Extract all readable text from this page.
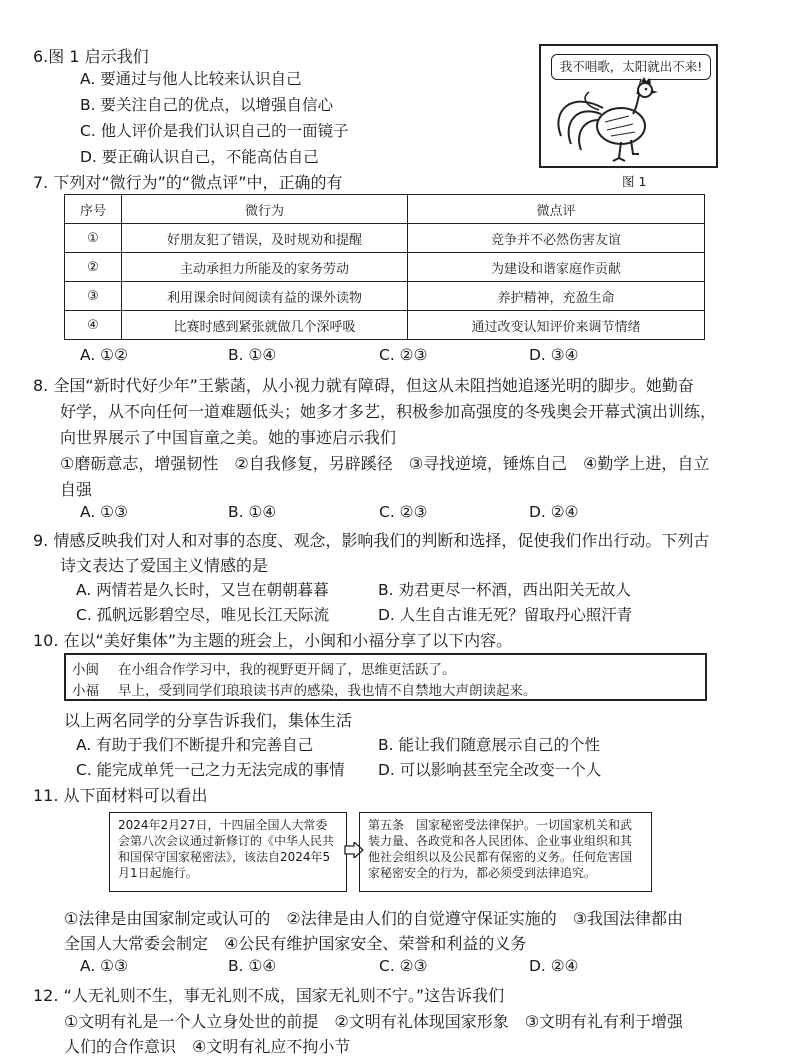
6.图 1 启示我们
A. 要通过与他人比较来认识自己
B. 要关注自己的优点，以增强自信心
C. 他人评价是我们认识自己的一面镜子
D. 要正确认识自己，不能高估自己
我不唱歌，太阳就出不来!
图 1
7. 下列对“微行为”的“微点评”中，正确的有
序号	微行为	微点评
①	好朋友犯了错误，及时规劝和提醒	竞争并不必然伤害友谊
②	主动承担力所能及的家务劳动	为建设和谐家庭作贡献
③	利用课余时间阅读有益的课外读物	养护精神，充盈生命
④	比赛时感到紧张就做几个深呼吸	通过改变认知评价来调节情绪
A. ①②	B. ①④	C. ②③	D. ③④
8. 全国“新时代好少年”王紫菡，从小视力就有障碍，但这从未阻挡她追逐光明的脚步。她勤奋
好学，从不向任何一道难题低头；她多才多艺，积极参加高强度的冬残奥会开幕式演出训练，
向世界展示了中国盲童之美。她的事迹启示我们
①磨砺意志，增强韧性　②自我修复，另辟蹊径　③寻找逆境，锤炼自己　④勤学上进，自立
自强
A. ①③	B. ①④	C. ②③	D. ②④
9. 情感反映我们对人和对事的态度、观念，影响我们的判断和选择，促使我们作出行动。下列古
诗文表达了爱国主义情感的是
A. 两情若是久长时，又岂在朝朝暮暮	B. 劝君更尽一杯酒，西出阳关无故人
C. 孤帆远影碧空尽，唯见长江天际流	D. 人生自古谁无死？留取丹心照汗青
10. 在以“美好集体”为主题的班会上，小闽和小福分享了以下内容。
小闽 在小组合作学习中，我的视野更开阔了，思维更活跃了。
小福 早上，受到同学们琅琅读书声的感染，我也情不自禁地大声朗读起来。
以上两名同学的分享告诉我们，集体生活
A. 有助于我们不断提升和完善自己	B. 能让我们随意展示自己的个性
C. 能完成单凭一己之力无法完成的事情 D. 可以影响甚至完全改变一个人
11. 从下面材料可以看出
2024年2月27日，十四届全国人大常委会第八次会议通过新修订的《中华人民共和国保守国家秘密法》，该法自2024年5月1日起施行。
第五条　国家秘密受法律保护。一切国家机关和武装力量、各政党和各人民团体、企业事业组织和其他社会组织以及公民都有保密的义务。任何危害国家秘密安全的行为，都必须受到法律追究。
①法律是由国家制定或认可的　②法律是由人们的自觉遵守保证实施的　③我国法律都由
全国人大常委会制定　④公民有维护国家安全、荣誉和利益的义务
A. ①③	B. ①④	C. ②③	D. ②④
12. “人无礼则不生，事无礼则不成，国家无礼则不宁。”这告诉我们
①文明有礼是一个人立身处世的前提　②文明有礼体现国家形象　③文明有礼有利于增强
人们的合作意识　④文明有礼应不拘小节
